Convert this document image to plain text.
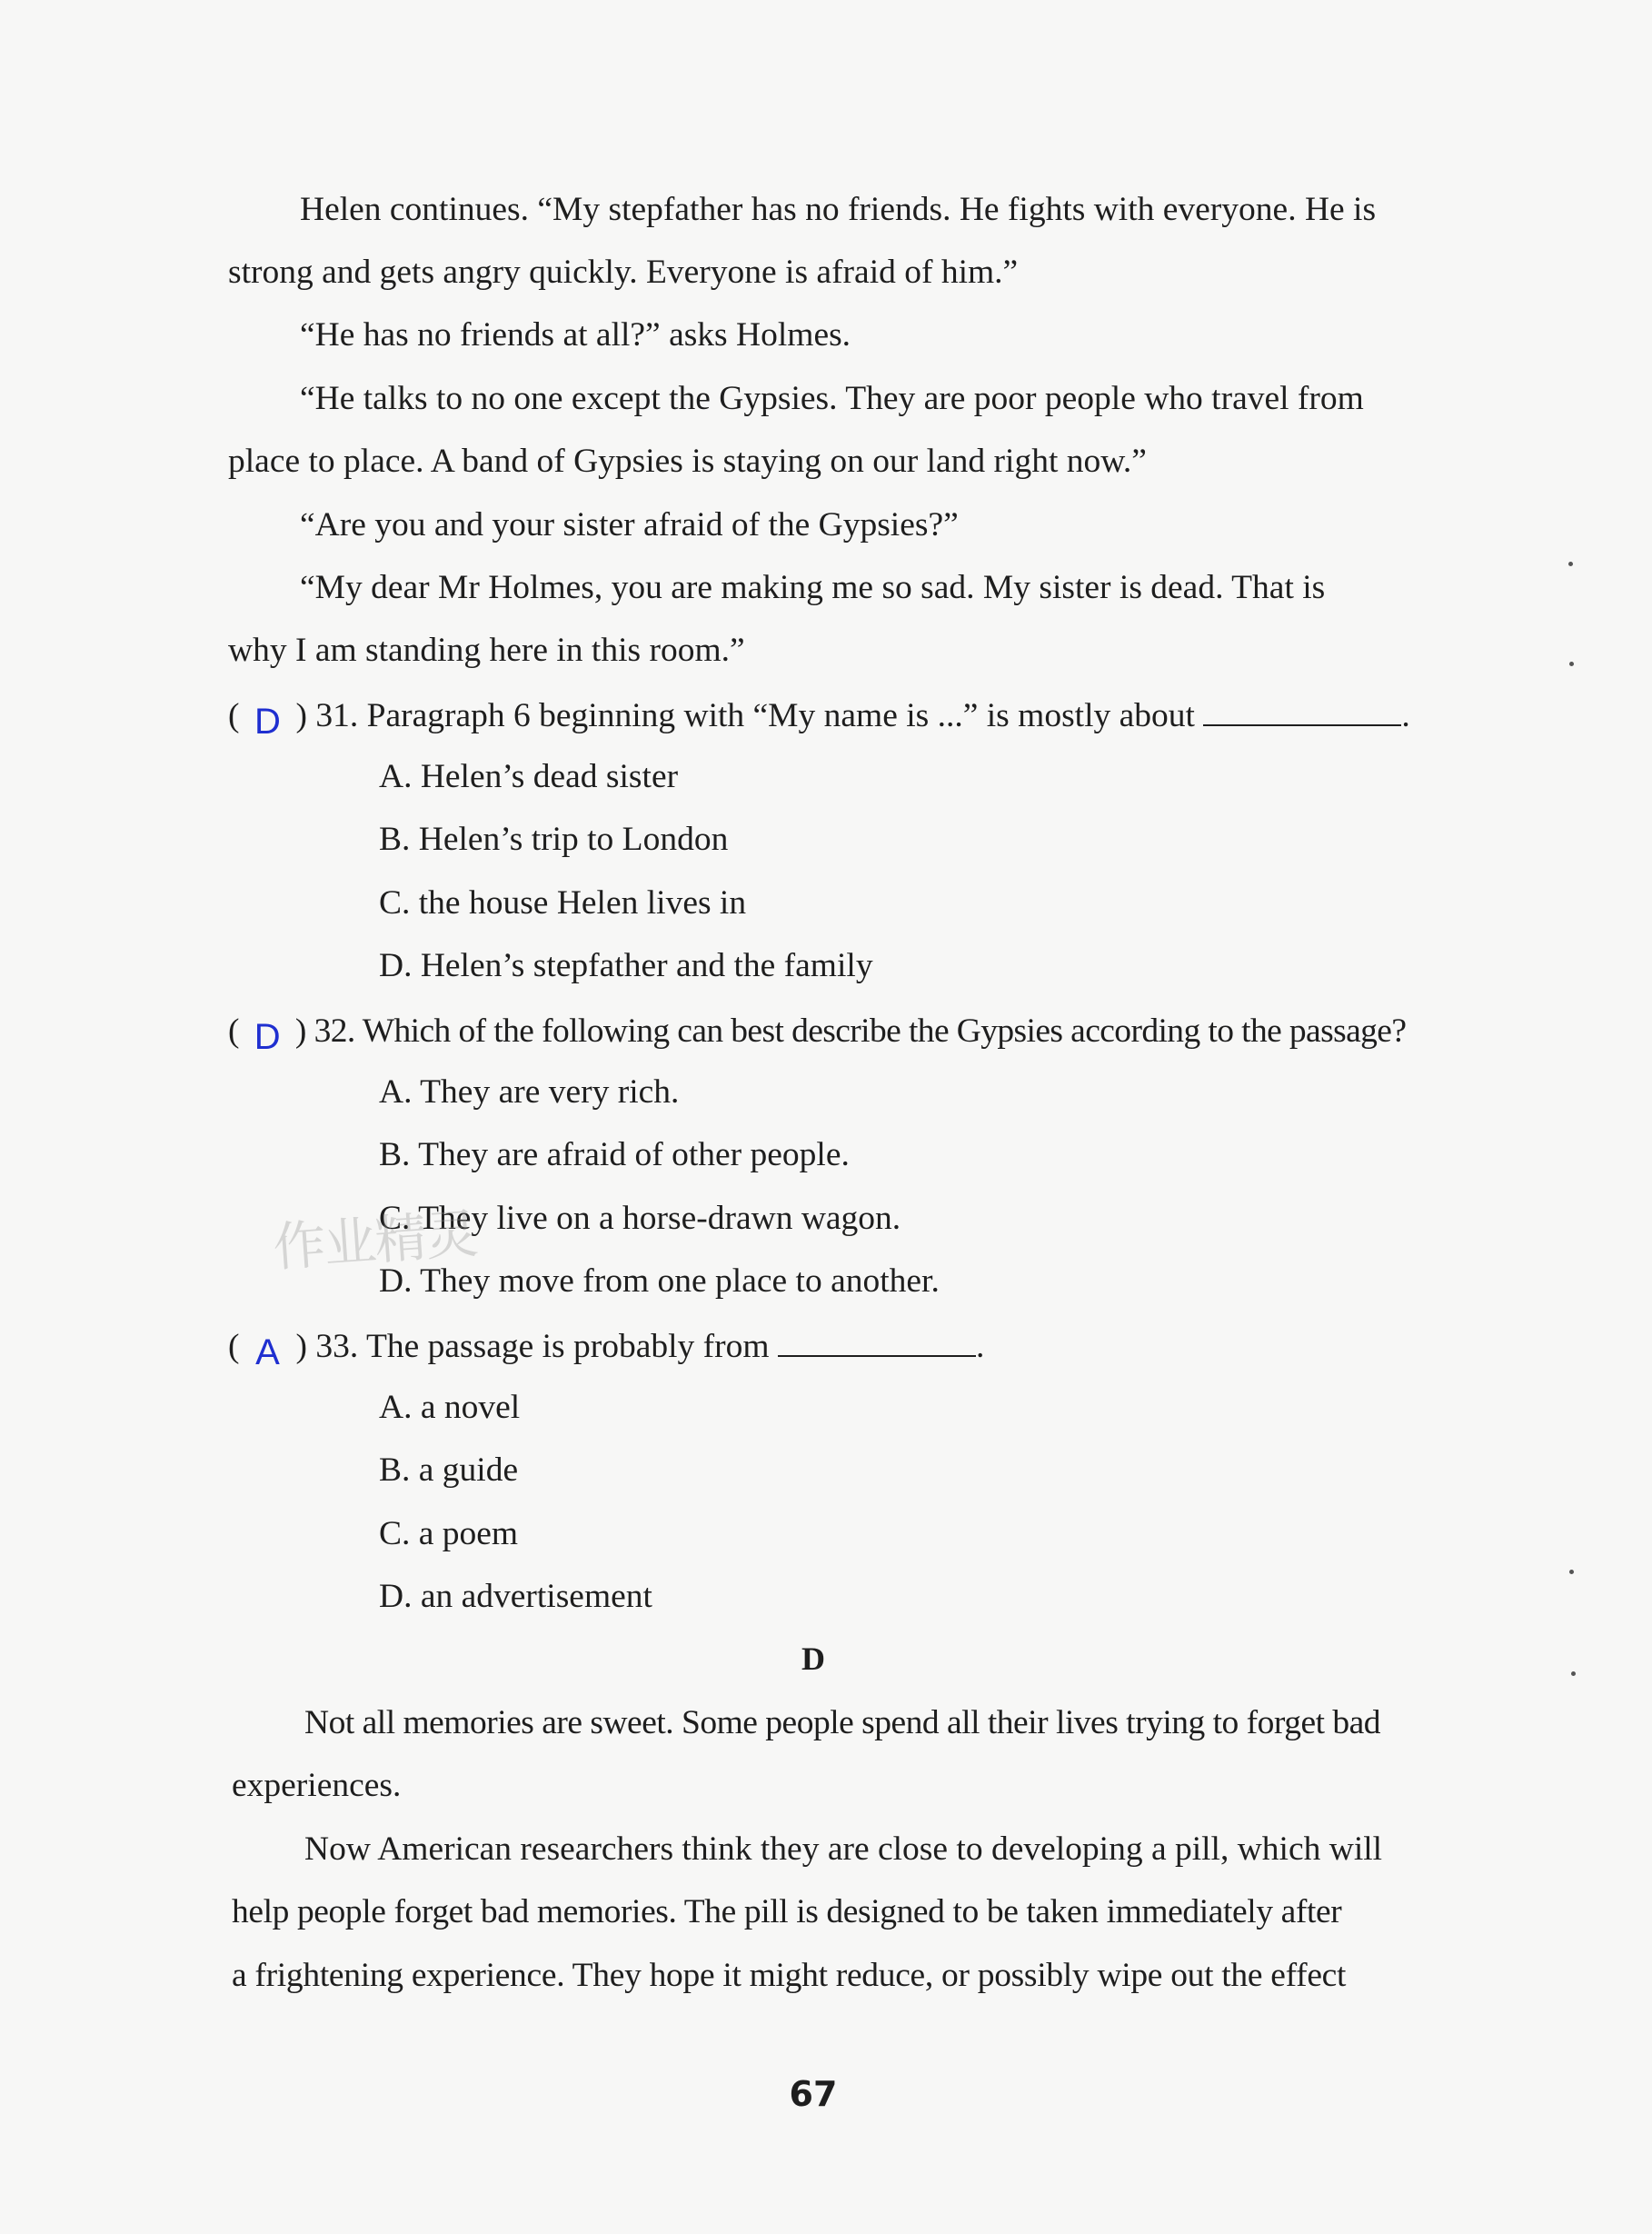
Helen continues. “My stepfather has no friends. He fights with everyone. He is
strong and gets angry quickly. Everyone is afraid of him.”
“He has no friends at all?” asks Holmes.
“He talks to no one except the Gypsies. They are poor people who travel from
place to place. A band of Gypsies is staying on our land right now.”
“Are you and your sister afraid of the Gypsies?”
“My dear Mr Holmes, you are making me so sad. My sister is dead. That is
why I am standing here in this room.”
( D ) 31. Paragraph 6 beginning with “My name is ...” is mostly about	.
A. Helen’s dead sister
B. Helen’s trip to London
C. the house Helen lives in
D. Helen’s stepfather and the family
( D ) 32. Which of the following can best describe the Gypsies according to the passage?
A. They are very rich.
B. They are afraid of other people.
C. They live on a horse-drawn wagon.
D. They move from one place to another.
( A ) 33. The passage is probably from	.
A. a novel
B. a guide
C. a poem
D. an advertisement
D
Not all memories are sweet. Some people spend all their lives trying to forget bad
experiences.
Now American researchers think they are close to developing a pill, which will
help people forget bad memories. The pill is designed to be taken immediately after
a frightening experience. They hope it might reduce, or possibly wipe out the effect
作业精灵
67
